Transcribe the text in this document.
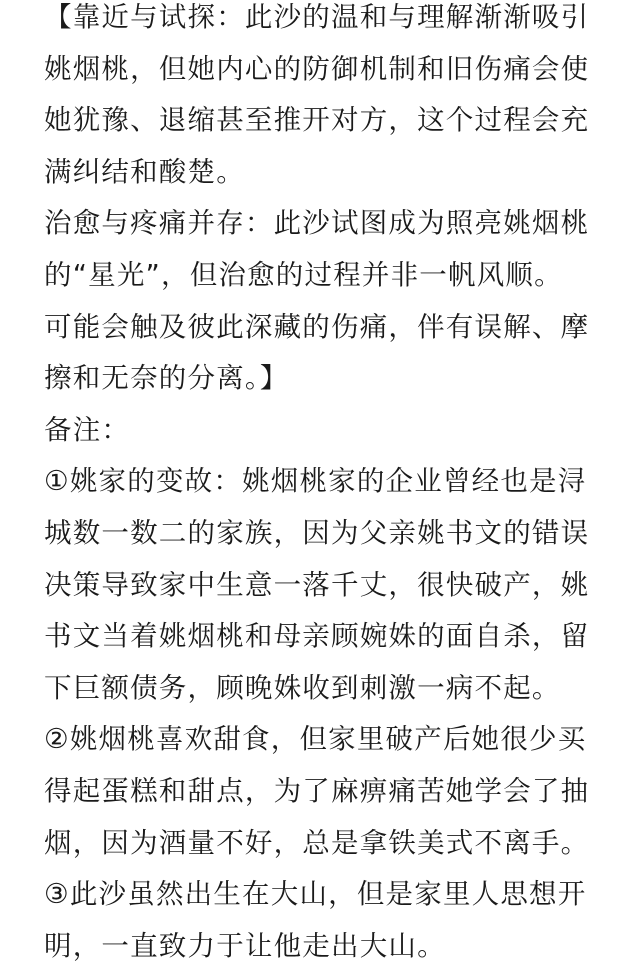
【靠近与试探：此沙的温和与理解渐渐吸引
姚烟桃，但她内心的防御机制和旧伤痛会使
她犹豫、退缩甚至推开对方，这个过程会充
满纠结和酸楚。
治愈与疼痛并存：此沙试图成为照亮姚烟桃
的“星光”，但治愈的过程并非一帆风顺。
可能会触及彼此深藏的伤痛，伴有误解、摩
擦和无奈的分离。】
备注：
①姚家的变故：姚烟桃家的企业曾经也是浔
城数一数二的家族，因为父亲姚书文的错误
决策导致家中生意一落千丈，很快破产，姚
书文当着姚烟桃和母亲顾婉姝的面自杀，留
下巨额债务，顾晚姝收到刺激一病不起。
②姚烟桃喜欢甜食，但家里破产后她很少买
得起蛋糕和甜点，为了麻痹痛苦她学会了抽
烟，因为酒量不好，总是拿铁美式不离手。
③此沙虽然出生在大山，但是家里人思想开
明，一直致力于让他走出大山。
